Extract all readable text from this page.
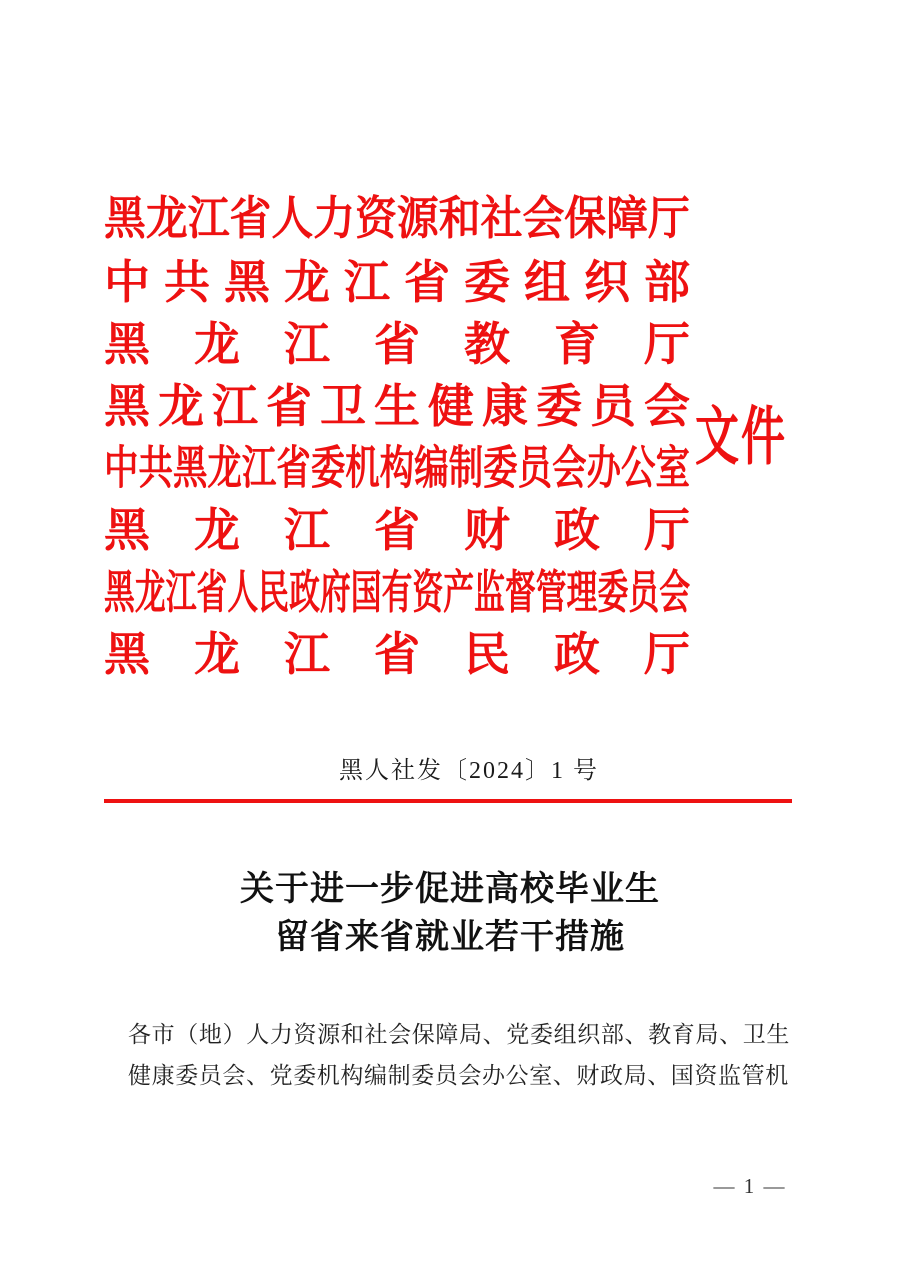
黑 龙 江 省 人 力 资 源 和 社 会 保 障 厅
中 共 黑 龙 江 省 委 组 织 部
黑 龙 江 省 教 育 厅
黑 龙 江 省 卫 生 健 康 委 员 会
中 共 黑 龙 江 省 委 机 构 编 制 委 员 会 办 公 室
黑 龙 江 省 财 政 厅
黑 龙 江 省 人 民 政 府 国 有 资 产 监 督 管 理 委 员 会
黑 龙 江 省 民 政 厅
文件
黑人社发〔2024〕1 号
关于进一步促进高校毕业生
留省来省就业若干措施

各市（地）人力资源和社会保障局、党委组织部、教育局、卫生健康委员会、党委机构编制委员会办公室、财政局、国资监管机

— 1 —
